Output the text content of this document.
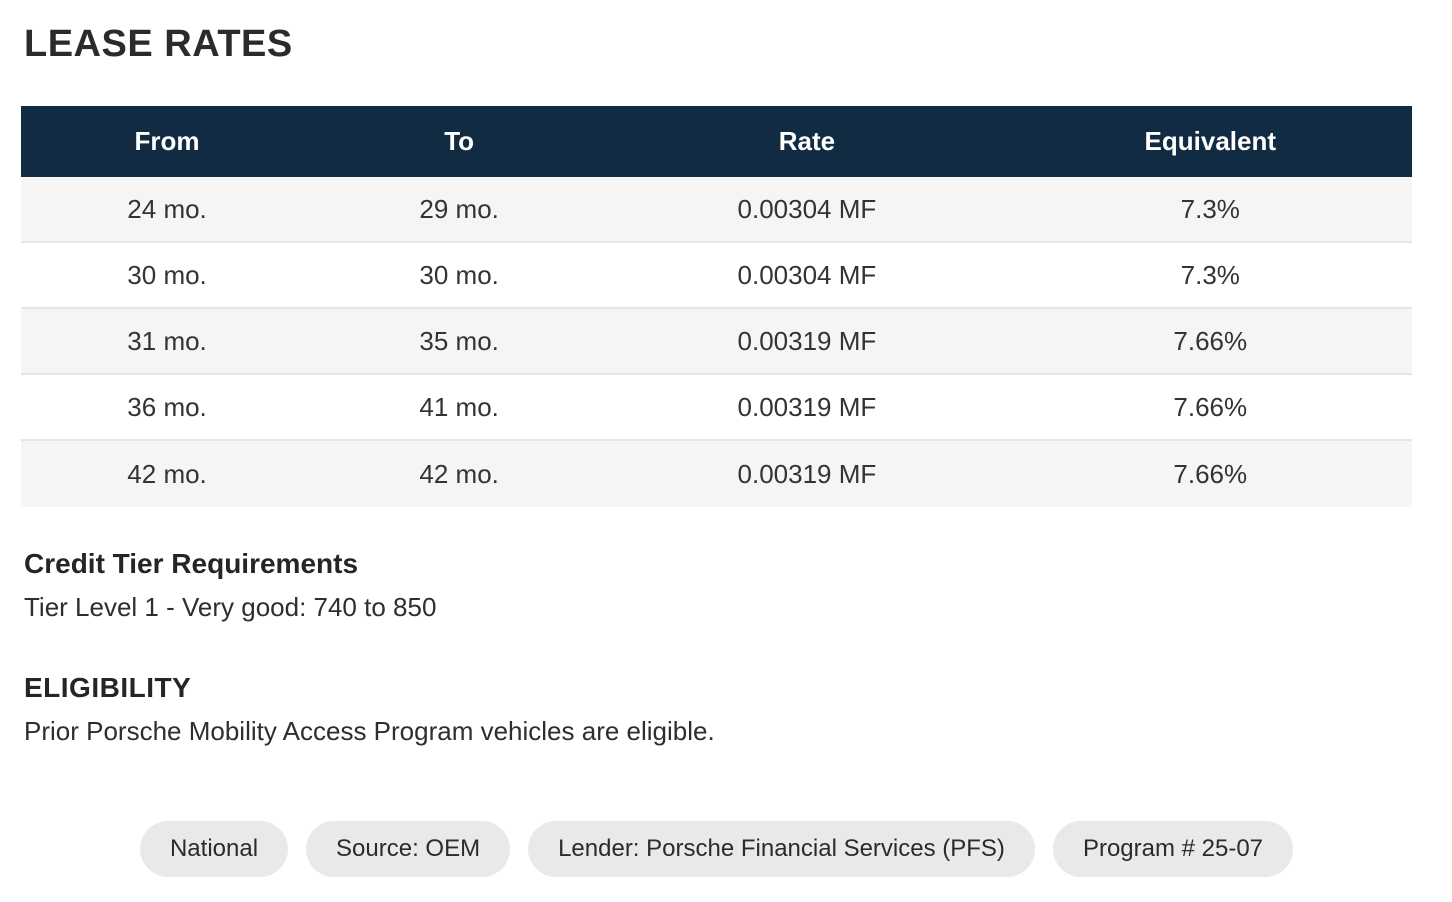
LEASE RATES
From	To	Rate	Equivalent
24 mo.	29 mo.	0.00304 MF	7.3%
30 mo.	30 mo.	0.00304 MF	7.3%
31 mo.	35 mo.	0.00319 MF	7.66%
36 mo.	41 mo.	0.00319 MF	7.66%
42 mo.	42 mo.	0.00319 MF	7.66%
Credit Tier Requirements

Tier Level 1 - Very good: 740 to 850

ELIGIBILITY

Prior Porsche Mobility Access Program vehicles are eligible.

National	Source: OEM	Lender: Porsche Financial Services (PFS)	Program # 25-07
